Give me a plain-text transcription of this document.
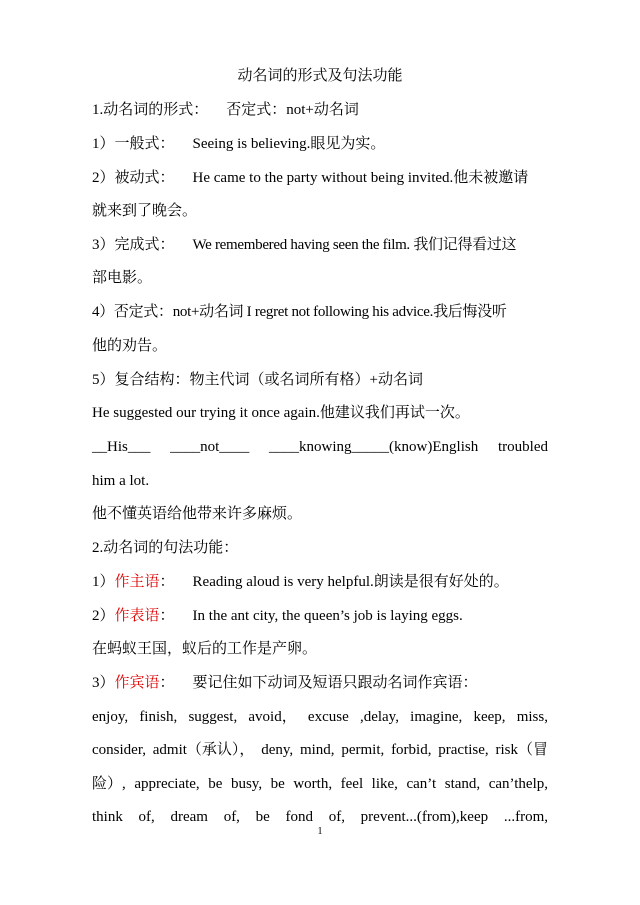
动名词的形式及句法功能
1.动名词的形式： 否定式：not+动名词
1）一般式： Seeing is believing.眼见为实。
2）被动式： He came to the party without being invited.他未被邀请
就来到了晚会。
3）完成式： We remembered having seen the film. 我们记得看过这
部电影。
4）否定式：not+动名词 I regret not following his advice.我后悔没听
他的劝告。
5）复合结构：物主代词（或名词所有格）+动名词
He suggested our trying it once again.他建议我们再试一次。
__His___ ____not____ ____knowing_____(know)English troubled
him a lot.
他不懂英语给他带来许多麻烦。
2.动名词的句法功能：
1）作主语： Reading aloud is very helpful.朗读是很有好处的。
2）作表语： In the ant city, the queen’s job is laying eggs.
在蚂蚁王国，蚁后的工作是产卵。
3）作宾语： 要记住如下动词及短语只跟动名词作宾语：
enjoy, finish, suggest, avoid， excuse ,delay, imagine, keep, miss,
consider, admit（承认）， deny, mind, permit, forbid, practise, risk（冒
险）, appreciate, be busy, be worth, feel like, can’t stand, can’thelp,
think of, dream of, be fond of, prevent...(from),keep ...from,
1
